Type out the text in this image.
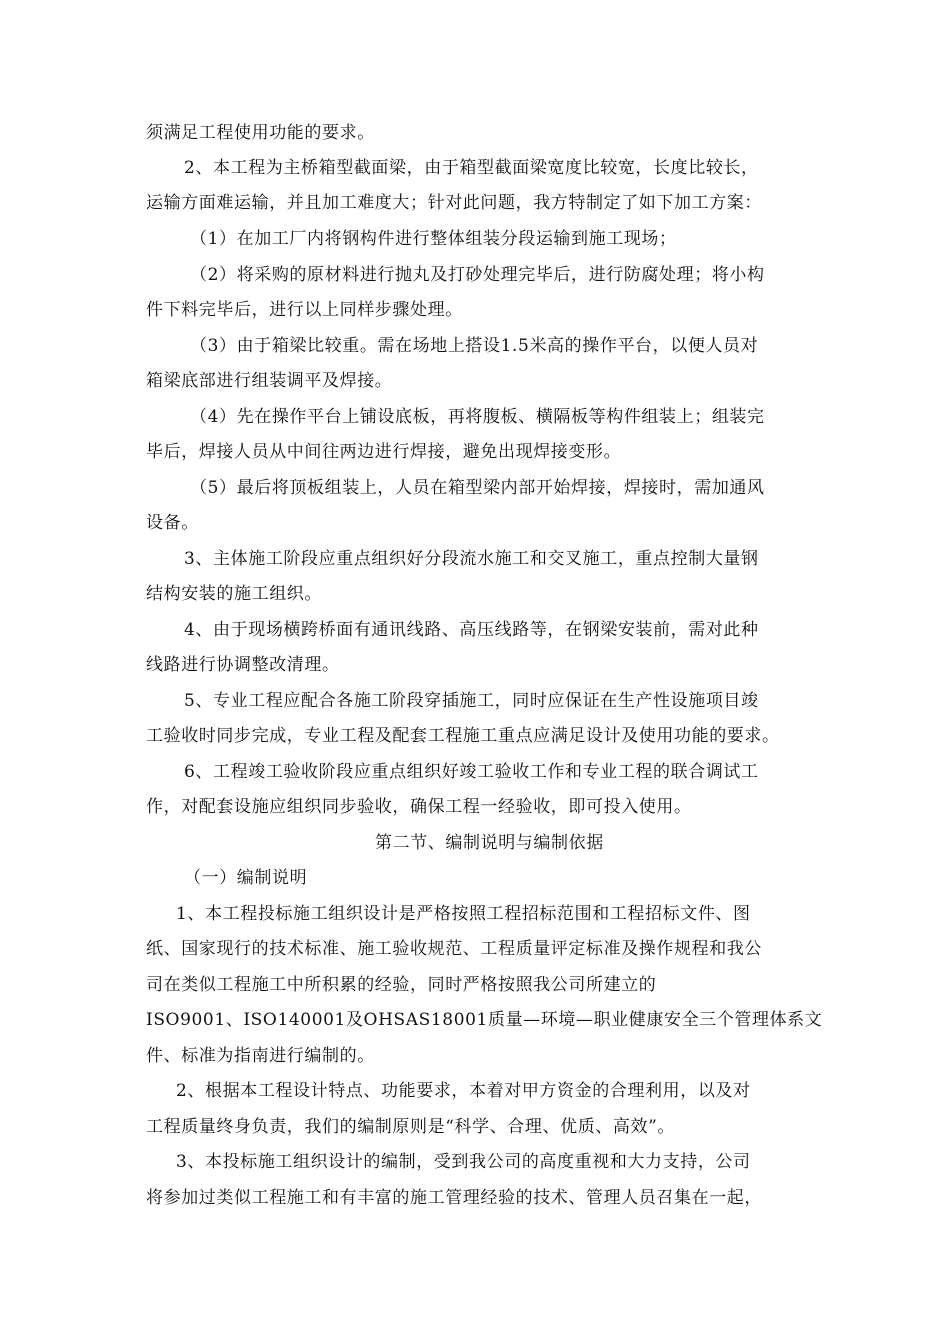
须满足工程使用功能的要求。
2、本工程为主桥箱型截面梁，由于箱型截面梁宽度比较宽，长度比较长，
运输方面难运输，并且加工难度大；针对此问题，我方特制定了如下加工方案：
（1）在加工厂内将钢构件进行整体组装分段运输到施工现场；
（2）将采购的原材料进行抛丸及打砂处理完毕后，进行防腐处理；将小构
件下料完毕后，进行以上同样步骤处理。
（3）由于箱梁比较重。需在场地上搭设1.5米高的操作平台，以便人员对
箱梁底部进行组装调平及焊接。
（4）先在操作平台上铺设底板，再将腹板、横隔板等构件组装上；组装完
毕后，焊接人员从中间往两边进行焊接，避免出现焊接变形。
（5）最后将顶板组装上，人员在箱型梁内部开始焊接，焊接时，需加通风
设备。
3、主体施工阶段应重点组织好分段流水施工和交叉施工，重点控制大量钢
结构安装的施工组织。
4、由于现场横跨桥面有通讯线路、高压线路等，在钢梁安装前，需对此种
线路进行协调整改清理。
5、专业工程应配合各施工阶段穿插施工，同时应保证在生产性设施项目竣
工验收时同步完成，专业工程及配套工程施工重点应满足设计及使用功能的要求。
6、工程竣工验收阶段应重点组织好竣工验收工作和专业工程的联合调试工
作，对配套设施应组织同步验收，确保工程一经验收，即可投入使用。
第二节、编制说明与编制依据
（一）编制说明
1、本工程投标施工组织设计是严格按照工程招标范围和工程招标文件、图
纸、国家现行的技术标准、施工验收规范、工程质量评定标准及操作规程和我公
司在类似工程施工中所积累的经验，同时严格按照我公司所建立的
ISO9001、ISO140001及OHSAS18001质量—环境—职业健康安全三个管理体系文
件、标准为指南进行编制的。
2、根据本工程设计特点、功能要求，本着对甲方资金的合理利用，以及对
工程质量终身负责，我们的编制原则是“科学、合理、优质、高效”。
3、本投标施工组织设计的编制，受到我公司的高度重视和大力支持，公司
将参加过类似工程施工和有丰富的施工管理经验的技术、管理人员召集在一起，
